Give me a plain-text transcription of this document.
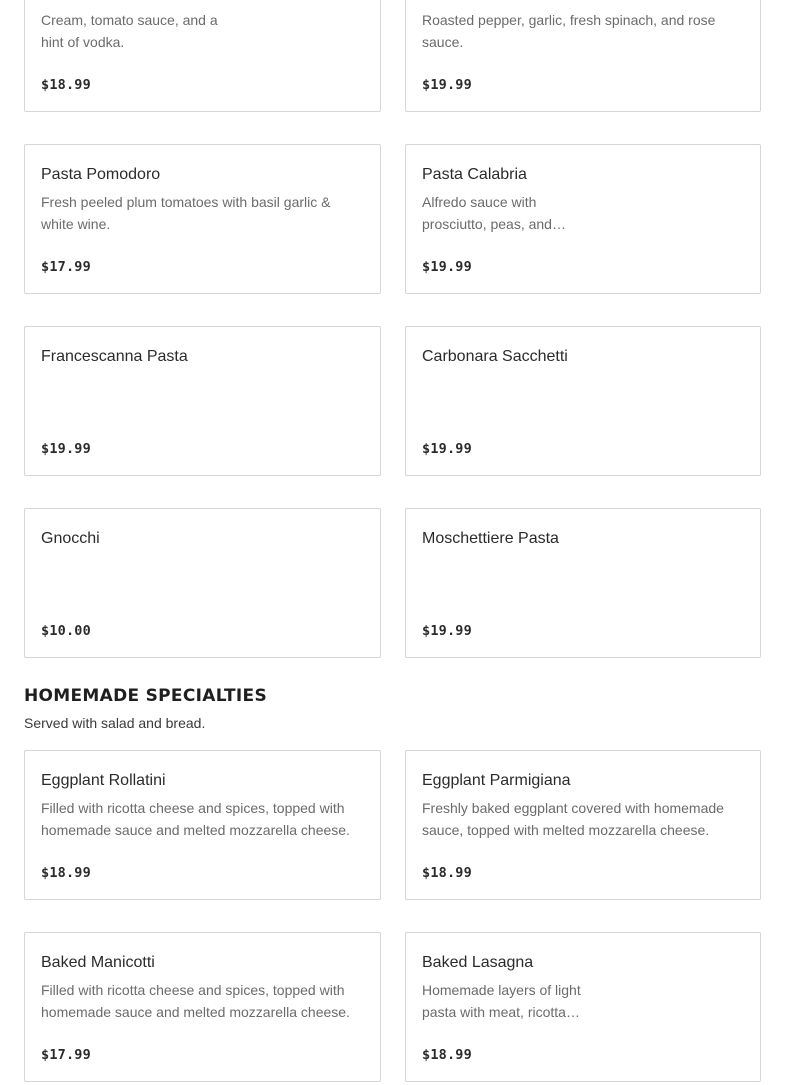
Cream, tomato sauce, and a hint of vodka.
$18.99
Roasted pepper, garlic, fresh spinach, and rose sauce.
$19.99
Pasta Pomodoro
Fresh peeled plum tomatoes with basil garlic & white wine.
$17.99
Pasta Calabria
Alfredo sauce with prosciutto, peas, and…
$19.99
Francescanna Pasta
$19.99
Carbonara Sacchetti
$19.99
Gnocchi
$10.00
Moschettiere Pasta
$19.99
HOMEMADE SPECIALTIES
Served with salad and bread.
Eggplant Rollatini
Filled with ricotta cheese and spices, topped with homemade sauce and melted mozzarella cheese.
$18.99
Eggplant Parmigiana
Freshly baked eggplant covered with homemade sauce, topped with melted mozzarella cheese.
$18.99
Baked Manicotti
Filled with ricotta cheese and spices, topped with homemade sauce and melted mozzarella cheese.
$17.99
Baked Lasagna
Homemade layers of light pasta with meat, ricotta…
$18.99
